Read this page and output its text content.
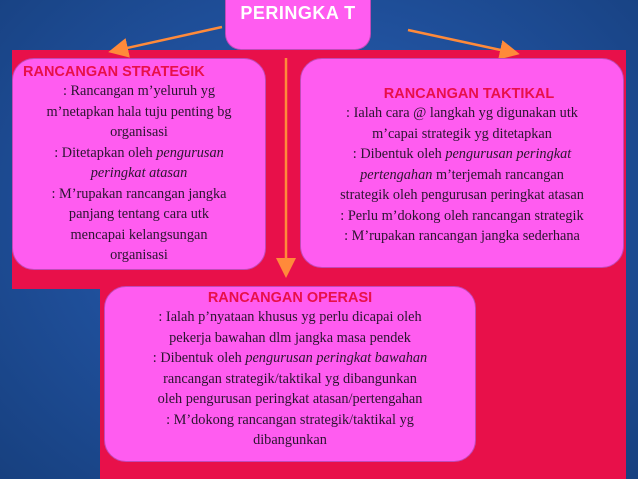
PERINGKA T
RANCANGAN STRATEGIK

: Rancangan m’yeluruh yg

m’netapkan hala tuju penting bg

organisasi

: Ditetapkan oleh pengurusan

peringkat atasan

: M’rupakan rancangan jangka

panjang tentang cara utk

mencapai kelangsungan

organisasi

RANCANGAN TAKTIKAL

: Ialah cara @ langkah yg digunakan utk

m’capai strategik yg ditetapkan

: Dibentuk oleh pengurusan peringkat

pertengahan m’terjemah rancangan

strategik oleh pengurusan peringkat atasan

: Perlu m’dokong oleh rancangan strategik

: M’rupakan rancangan jangka sederhana

RANCANGAN OPERASI

: Ialah p’nyataan khusus yg perlu dicapai oleh

pekerja bawahan dlm jangka masa pendek

: Dibentuk oleh pengurusan peringkat bawahan

rancangan strategik/taktikal yg dibangunkan

oleh pengurusan peringkat atasan/pertengahan

: M’dokong rancangan strategik/taktikal yg

dibangunkan
